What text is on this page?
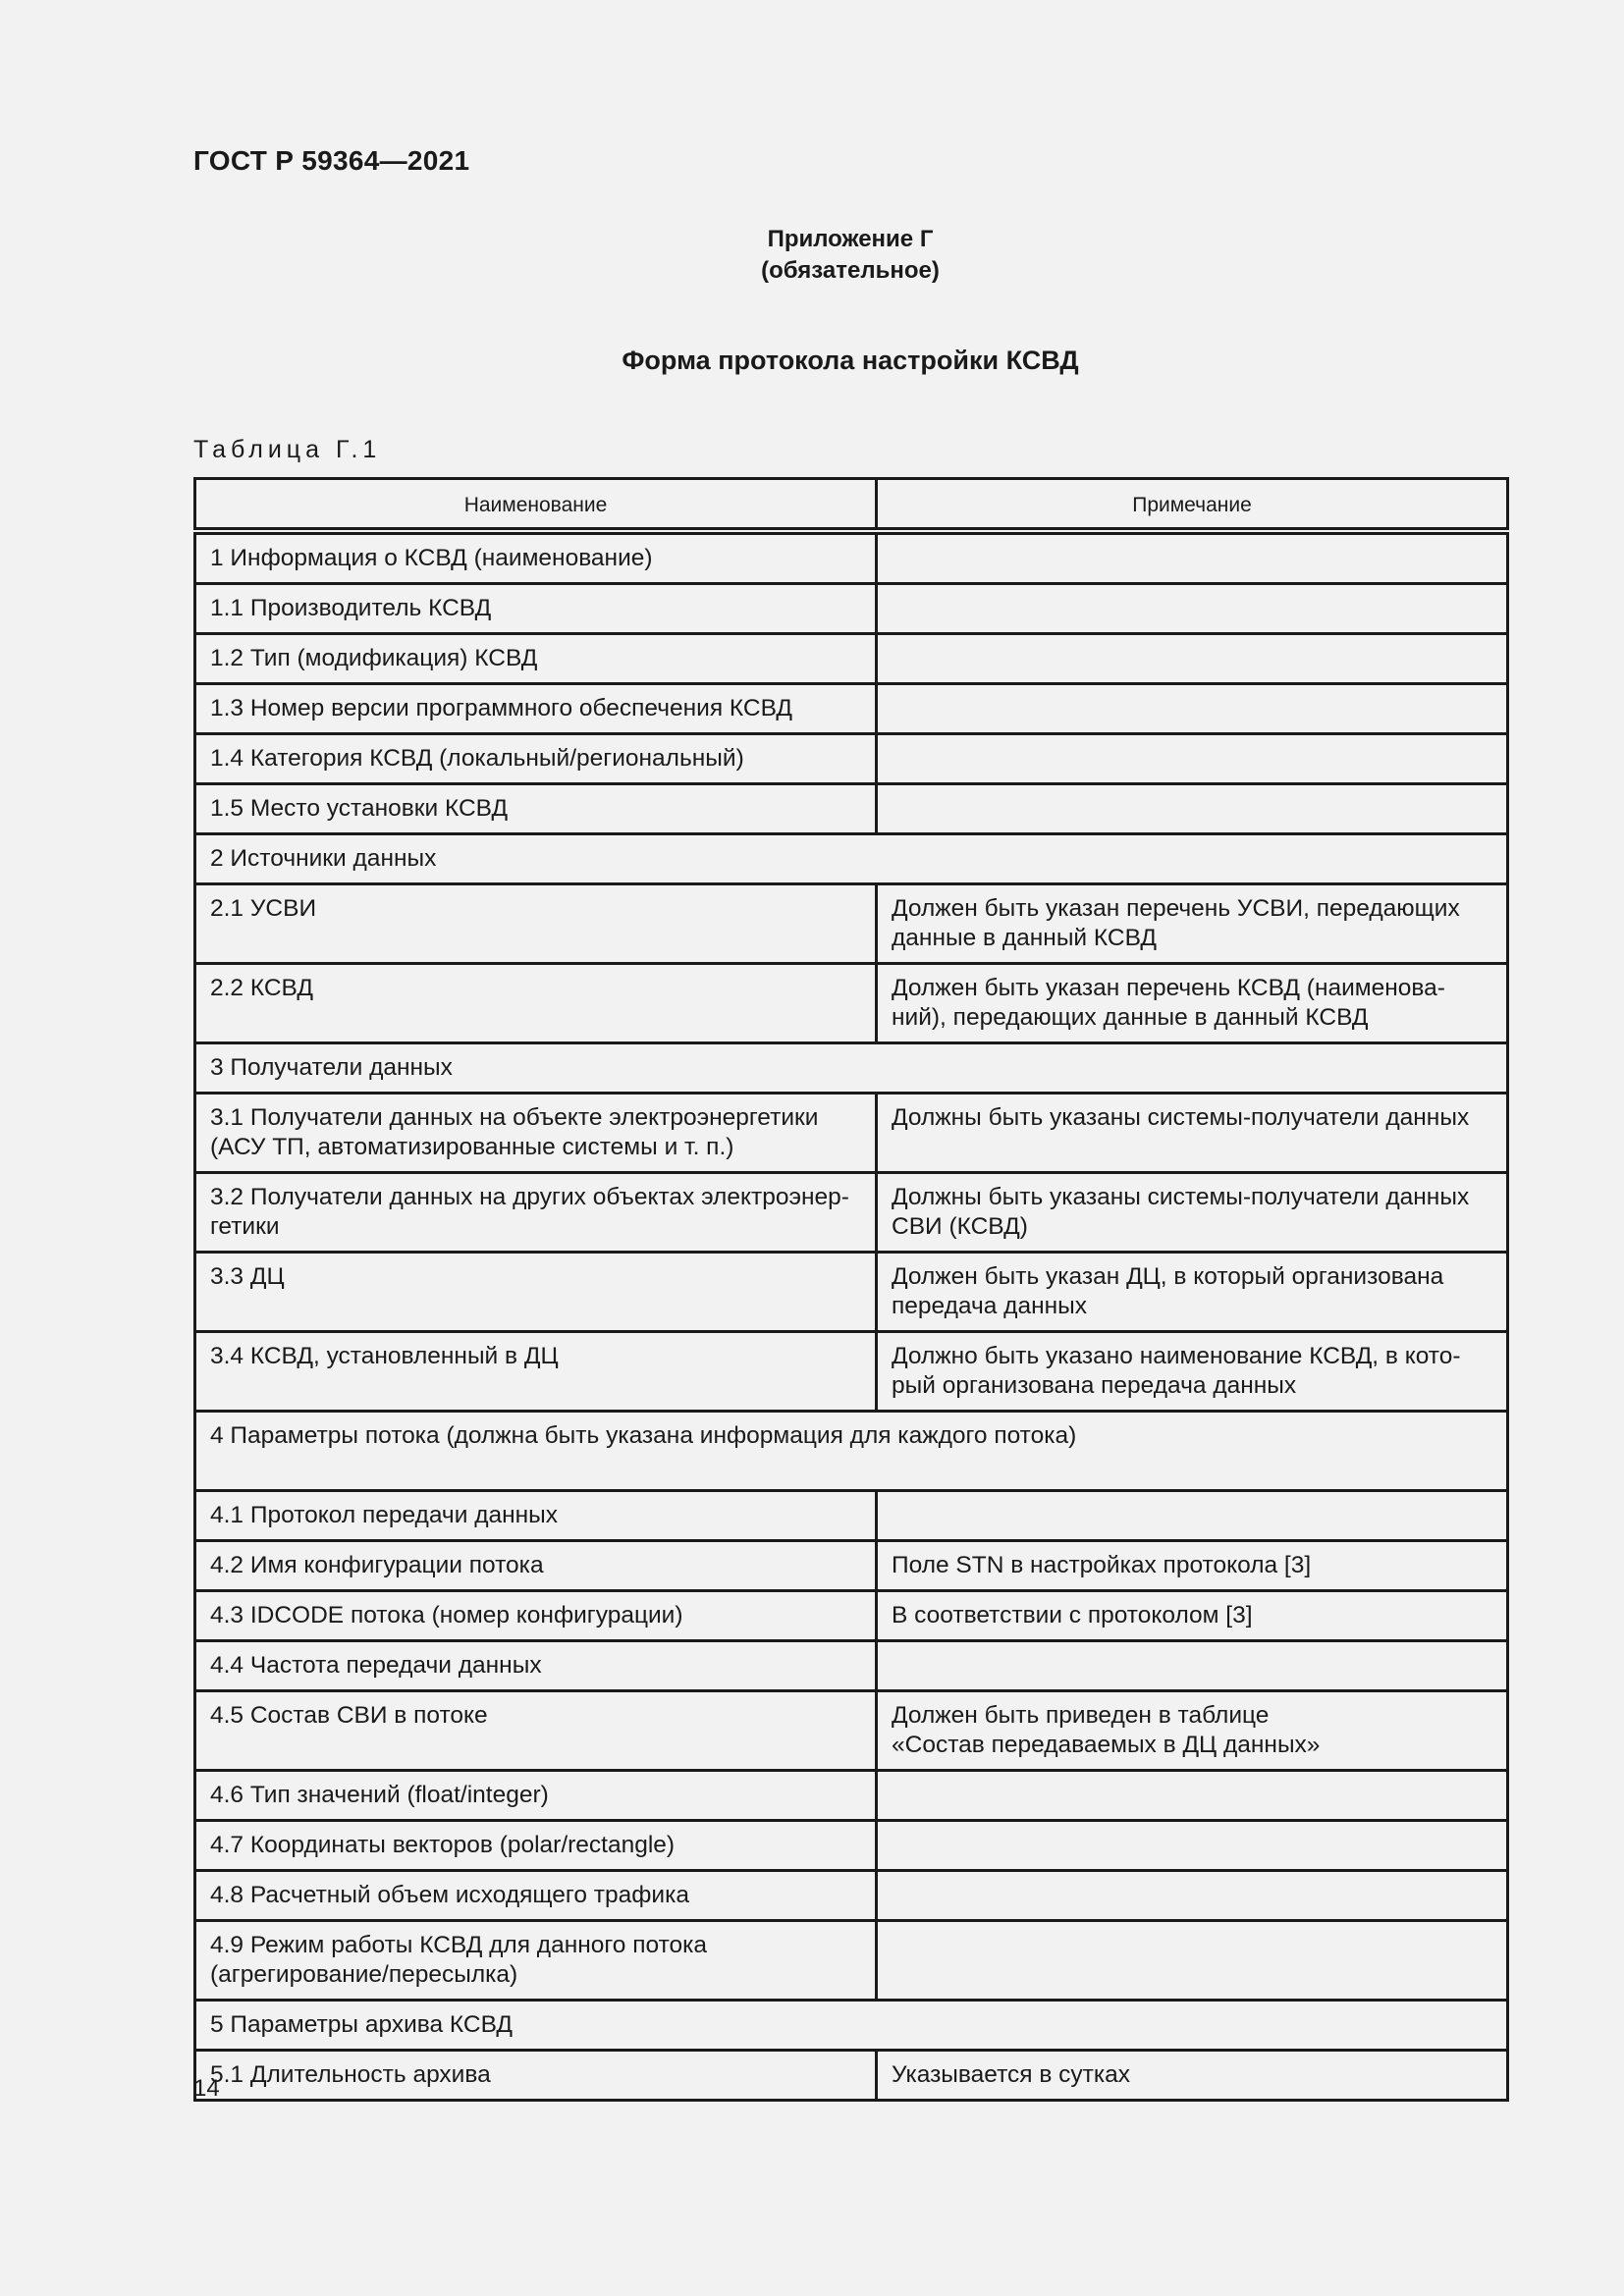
ГОСТ Р 59364—2021
Приложение Г
(обязательное)
Форма протокола настройки КСВД
Таблица Г.1
Наименование	Примечание
1 Информация о КСВД (наименование)	
1.1 Производитель КСВД	
1.2 Тип (модификация) КСВД	
1.3 Номер версии программного обеспечения КСВД	
1.4 Категория КСВД (локальный/региональный)	
1.5 Место установки КСВД	
2 Источники данных	
2.1 УСВИ	Должен быть указан перечень УСВИ, передающих данные в данный КСВД
2.2 КСВД	Должен быть указан перечень КСВД (наименова-ний), передающих данные в данный КСВД
3 Получатели данных	
3.1 Получатели данных на объекте электроэнергетики (АСУ ТП, автоматизированные системы и т. п.)	Должны быть указаны системы-получатели данных
3.2 Получатели данных на других объектах электроэнер-гетики	Должны быть указаны системы-получатели данных СВИ (КСВД)
3.3 ДЦ	Должен быть указан ДЦ, в который организована передача данных
3.4 КСВД, установленный в ДЦ	Должно быть указано наименование КСВД, в кото-рый организована передача данных
4 Параметры потока (должна быть указана информация для каждого потока)	
4.1 Протокол передачи данных	
4.2 Имя конфигурации потока	Поле STN в настройках протокола [3]
4.3 IDCODE потока (номер конфигурации)	В соответствии с протоколом [3]
4.4 Частота передачи данных	
4.5 Состав СВИ в потоке	Должен быть приведен в таблице
«Состав передаваемых в ДЦ данных»
4.6 Тип значений (float/integer)	
4.7 Координаты векторов (polar/rectangle)	
4.8 Расчетный объем исходящего трафика	
4.9 Режим работы КСВД для данного потока (агрегирование/пересылка)	
5 Параметры архива КСВД	
5.1 Длительность архива	Указывается в сутках
14
